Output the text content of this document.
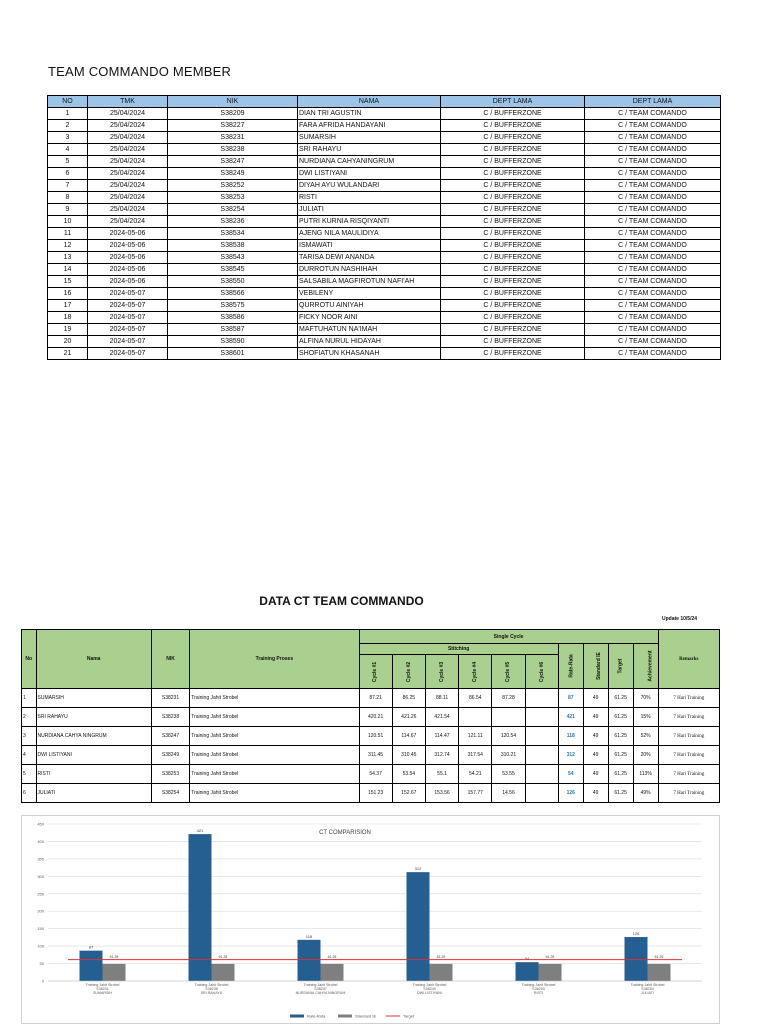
TEAM COMMANDO MEMBER
NO	TMK	NIK	NAMA	DEPT LAMA	DEPT LAMA
1	25/04/2024	S38209	DIAN TRI AGUSTIN	C / BUFFERZONE	C / TEAM COMANDO
2	25/04/2024	S38227	FARA AFRIDA HANDAYANI	C / BUFFERZONE	C / TEAM COMANDO
3	25/04/2024	S38231	SUMARSIH	C / BUFFERZONE	C / TEAM COMANDO
4	25/04/2024	S38238	SRI RAHAYU	C / BUFFERZONE	C / TEAM COMANDO
5	25/04/2024	S38247	NURDIANA CAHYANINGRUM	C / BUFFERZONE	C / TEAM COMANDO
6	25/04/2024	S38249	DWI LISTIYANI	C / BUFFERZONE	C / TEAM COMANDO
7	25/04/2024	S38252	DIYAH AYU WULANDARI	C / BUFFERZONE	C / TEAM COMANDO
8	25/04/2024	S38253	RISTI	C / BUFFERZONE	C / TEAM COMANDO
9	25/04/2024	S38254	JULIATI	C / BUFFERZONE	C / TEAM COMANDO
10	25/04/2024	S38236	PUTRI KURNIA RISQIYANTI	C / BUFFERZONE	C / TEAM COMANDO
11	2024-05-06	S38534	AJENG NILA MAULIDIYA	C / BUFFERZONE	C / TEAM COMANDO
12	2024-05-06	S38538	ISMAWATI	C / BUFFERZONE	C / TEAM COMANDO
13	2024-05-06	S38543	TARISA DEWI ANANDA	C / BUFFERZONE	C / TEAM COMANDO
14	2024-05-06	S38545	DURROTUN NASHIHAH	C / BUFFERZONE	C / TEAM COMANDO
15	2024-05-06	S38550	SALSABILA MAGFIROTUN NAFI'AH	C / BUFFERZONE	C / TEAM COMANDO
16	2024-05-07	S38566	VEBILENY	C / BUFFERZONE	C / TEAM COMANDO
17	2024-05-07	S38575	QURROTU AINIYAH	C / BUFFERZONE	C / TEAM COMANDO
18	2024-05-07	S38586	FICKY NOOR AINI	C / BUFFERZONE	C / TEAM COMANDO
19	2024-05-07	S38587	MAFTUHATUN NA'IMAH	C / BUFFERZONE	C / TEAM COMANDO
20	2024-05-07	S38590	ALFINA NURUL HIDAYAH	C / BUFFERZONE	C / TEAM COMANDO
21	2024-05-07	S38601	SHOFIATUN KHASANAH	C / BUFFERZONE	C / TEAM COMANDO
DATA CT TEAM COMMANDO
Update 10/5/24
No	Nama	NIK	Training Proses	Single Cycle										Remarks
				Stitching						Rate-Rata	Standard IE	Target	Achievement	
				Cycle #1	Cycle #2	Cycle #3	Cycle #4	Cycle #5	Cycle #6					
1	SUMARSIH	S38231	Training Jahit Strobel	87.21	86.25	88.11	86.54	87.28		87	49	61.25	70%	7 Hari Training
2	SRI RAHAYU	S38238	Training Jahit Strobel	420.21	421.26	421.54				421	49	61.25	15%	7 Hari Training
3	NURDIANA CAHYA NINGRUM	S38247	Training Jahit Strobel	120.51	114.67	114.47	121.11	120.54		118	49	61.25	52%	7 Hari Training
4	DWI LISTIYANI	S38249	Training Jahit Strobel	311.45	310.45	312.74	317.54	310.21		312	49	61.25	20%	7 Hari Training
5	RISTI	S38253	Training Jahit Strobel	54.37	53.54	55.1	54.21	53.55		54	49	61.25	113%	7 Hari Training
6	JULIATI	S38254	Training Jahit Strobel	151.23	152.67	153.56	157.77	14.56		126	49	61.25	49%	7 Hari Training
0
50
100
150
200
250
300
350
400
450
CT COMPARISION
87
61.25
Training Jahit Strobel
S38231
SUMARSIH
421
61.25
Training Jahit Strobel
S38238
SRI RAHAYU
118
61.25
Training Jahit Strobel
S38247
NURDIANA CAHYA NINGRUM
312
61.25
Training Jahit Strobel
S38249
DWI LISTIYANI
54	61.25
Training Jahit Strobel
S38253
RISTI
126
61.25
Training Jahit Strobel
S38254
JULIATI
Rate-Rata	Standard IE	Target
